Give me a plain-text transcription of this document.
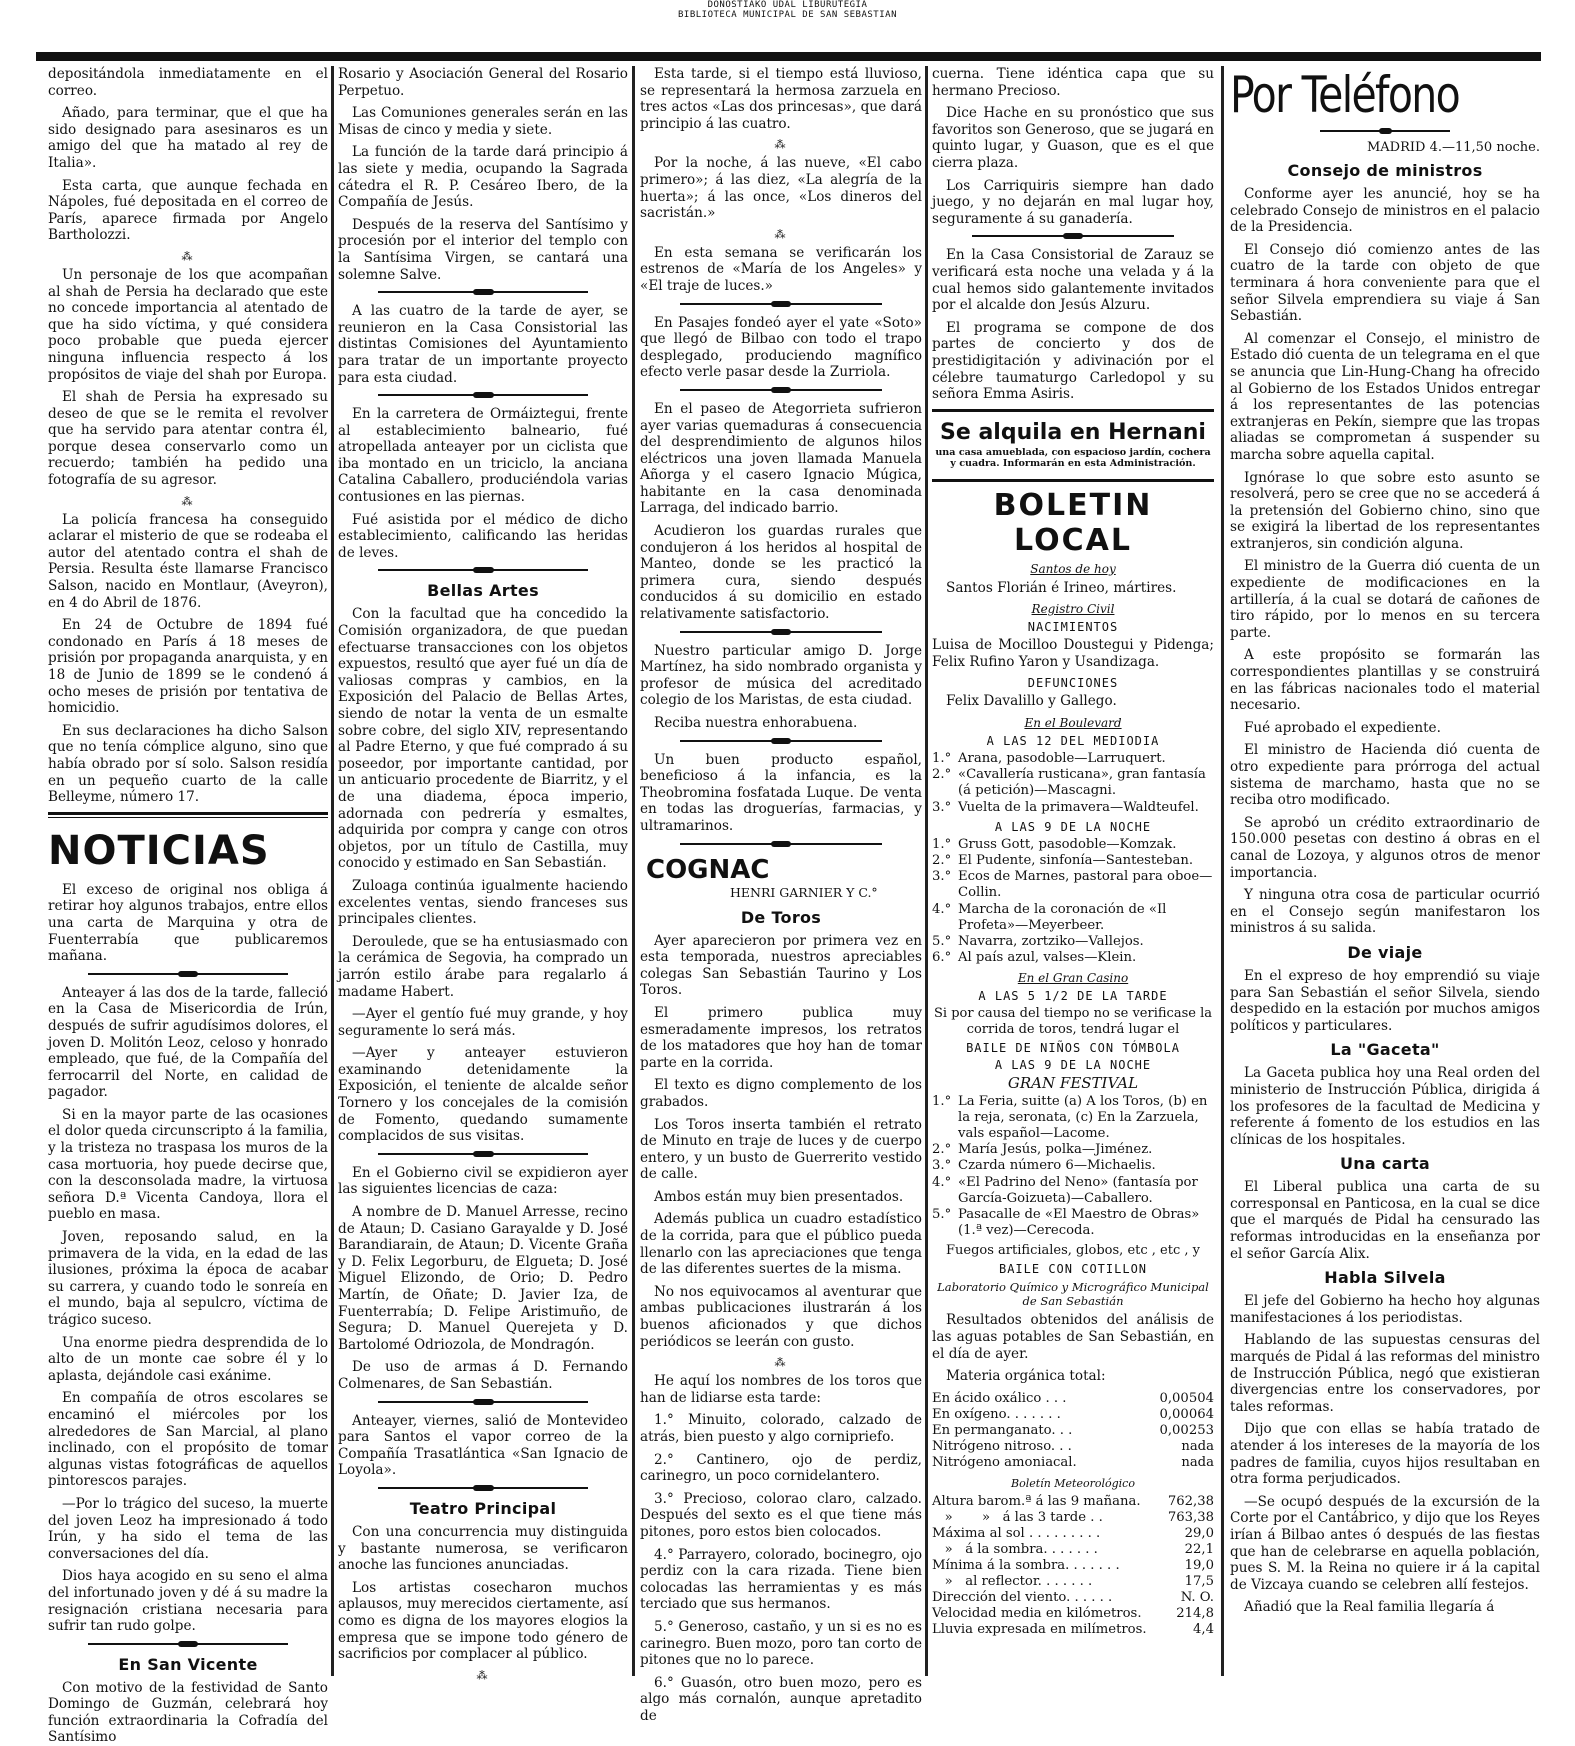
DONOSTIAKO UDAL LIBURUTEGIA
BIBLIOTECA MUNICIPAL DE SAN SEBASTIAN

depositándola inmediatamente en el correo.

Añado, para terminar, que el que ha sido designado para asesinaros es un amigo del que ha matado al rey de Italia».

Esta carta, que aunque fechada en Nápoles, fué depositada en el correo de París, aparece firmada por Angelo Bartholozzi.

⁂

Un personaje de los que acompañan al shah de Persia ha declarado que este no concede importancia al atentado de que ha sido víctima, y qué considera poco probable que pueda ejercer ninguna influencia respecto á los propósitos de viaje del shah por Europa.

El shah de Persia ha expresado su deseo de que se le remita el revolver que ha servido para atentar contra él, porque desea conservarlo como un recuerdo; también ha pedido una fotografía de su agresor.

⁂

La policía francesa ha conseguido aclarar el misterio de que se rodeaba el autor del atentado contra el shah de Persia. Resulta éste llamarse Francisco Salson, nacido en Montlaur, (Aveyron), en 4 do Abril de 1876.

En 24 de Octubre de 1894 fué condonado en París á 18 meses de prisión por propaganda anarquista, y en 18 de Junio de 1899 se le condenó á ocho meses de prisión por tentativa de homicidio.

En sus declaraciones ha dicho Salson que no tenía cómplice alguno, sino que había obrado por sí solo. Salson residía en un pequeño cuarto de la calle Belleyme, número 17.

NOTICIAS

El exceso de original nos obliga á retirar hoy algunos trabajos, entre ellos una carta de Marquina y otra de Fuenterrabía que publicaremos mañana.

Anteayer á las dos de la tarde, falleció en la Casa de Misericordia de Irún, después de sufrir agudísimos dolores, el joven D. Molitón Leoz, celoso y honrado empleado, que fué, de la Compañía del ferrocarril del Norte, en calidad de pagador.

Si en la mayor parte de las ocasiones el dolor queda circunscripto á la familia, y la tristeza no traspasa los muros de la casa mortuoria, hoy puede decirse que, con la desconsolada madre, la virtuosa señora D.ª Vicenta Candoya, llora el pueblo en masa.

Joven, reposando salud, en la primavera de la vida, en la edad de las ilusiones, próxima la época de acabar su carrera, y cuando todo le sonreía en el mundo, baja al sepulcro, víctima de trágico suceso.

Una enorme piedra desprendida de lo alto de un monte cae sobre él y lo aplasta, dejándole casi exánime.

En compañía de otros escolares se encaminó el miércoles por los alrededores de San Marcial, al plano inclinado, con el propósito de tomar algunas vistas fotográficas de aquellos pintorescos parajes.

—Por lo trágico del suceso, la muerte del joven Leoz ha impresionado á todo Irún, y ha sido el tema de las conversaciones del día.

Dios haya acogido en su seno el alma del infortunado joven y dé á su madre la resignación cristiana necesaria para sufrir tan rudo golpe.

En San Vicente

Con motivo de la festividad de Santo Domingo de Guzmán, celebrará hoy función extraordinaria la Cofradía del Santísimo

Rosario y Asociación General del Rosario Perpetuo.

Las Comuniones generales serán en las Misas de cinco y media y siete.

La función de la tarde dará principio á las siete y media, ocupando la Sagrada cátedra el R. P. Cesáreo Ibero, de la Compañía de Jesús.

Después de la reserva del Santísimo y procesión por el interior del templo con la Santísima Virgen, se cantará una solemne Salve.

A las cuatro de la tarde de ayer, se reunieron en la Casa Consistorial las distintas Comisiones del Ayuntamiento para tratar de un importante proyecto para esta ciudad.

En la carretera de Ormáiztegui, frente al establecimiento balneario, fué atropellada anteayer por un ciclista que iba montado en un triciclo, la anciana Catalina Caballero, produciéndola varias contusiones en las piernas.

Fué asistida por el médico de dicho establecimiento, calificando las heridas de leves.

Bellas Artes

Con la facultad que ha concedido la Comisión organizadora, de que puedan efectuarse transacciones con los objetos expuestos, resultó que ayer fué un día de valiosas compras y cambios, en la Exposición del Palacio de Bellas Artes, siendo de notar la venta de un esmalte sobre cobre, del siglo XIV, representando al Padre Eterno, y que fué comprado á su poseedor, por importante cantidad, por un anticuario procedente de Biarritz, y el de una diadema, época imperio, adornada con pedrería y esmaltes, adquirida por compra y cange con otros objetos, por un título de Castilla, muy conocido y estimado en San Sebastián.

Zuloaga continúa igualmente haciendo excelentes ventas, siendo franceses sus principales clientes.

Deroulede, que se ha entusiasmado con la cerámica de Segovia, ha comprado un jarrón estilo árabe para regalarlo á madame Habert.

—Ayer el gentío fué muy grande, y hoy seguramente lo será más.

—Ayer y anteayer estuvieron examinando detenidamente la Exposición, el teniente de alcalde señor Tornero y los concejales de la comisión de Fomento, quedando sumamente complacidos de sus visitas.

En el Gobierno civil se expidieron ayer las siguientes licencias de caza:

A nombre de D. Manuel Arresse, recino de Ataun; D. Casiano Garayalde y D. José Barandiarain, de Ataun; D. Vicente Graña y D. Felix Legorburu, de Elgueta; D. José Miguel Elizondo, de Orio; D. Pedro Martín, de Oñate; D. Javier Iza, de Fuenterrabía; D. Felipe Aristimuño, de Segura; D. Manuel Querejeta y D. Bartolomé Odriozola, de Mondragón.

De uso de armas á D. Fernando Colmenares, de San Sebastián.

Anteayer, viernes, salió de Montevideo para Santos el vapor correo de la Compañía Trasatlántica «San Ignacio de Loyola».

Teatro Principal

Con una concurrencia muy distinguida y bastante numerosa, se verificaron anoche las funciones anunciadas.

Los artistas cosecharon muchos aplausos, muy merecidos ciertamente, así como es digna de los mayores elogios la empresa que se impone todo género de sacrificios por complacer al público.

⁂

Esta tarde, si el tiempo está lluvioso, se representará la hermosa zarzuela en tres actos «Las dos princesas», que dará principio á las cuatro.

⁂

Por la noche, á las nueve, «El cabo primero»; á las diez, «La alegría de la huerta»; á las once, «Los dineros del sacristán.»

⁂

En esta semana se verificarán los estrenos de «María de los Angeles» y «El traje de luces.»

En Pasajes fondeó ayer el yate «Soto» que llegó de Bilbao con todo el trapo desplegado, produciendo magnífico efecto verle pasar desde la Zurriola.

En el paseo de Ategorrieta sufrieron ayer varias quemaduras á consecuencia del desprendimiento de algunos hilos eléctricos una joven llamada Manuela Añorga y el casero Ignacio Múgica, habitante en la casa denominada Larraga, del indicado barrio.

Acudieron los guardas rurales que condujeron á los heridos al hospital de Manteo, donde se les practicó la primera cura, siendo después conducidos á su domicilio en estado relativamente satisfactorio.

Nuestro particular amigo D. Jorge Martínez, ha sido nombrado organista y profesor de música del acreditado colegio de los Maristas, de esta ciudad.

Reciba nuestra enhorabuena.

Un buen producto español, beneficioso á la infancia, es la Theobromina fosfatada Luque. De venta en todas las droguerías, farmacias, y ultramarinos.

COGNAC
HENRI GARNIER Y C.°
De Toros

Ayer aparecieron por primera vez en esta temporada, nuestros apreciables colegas San Sebastián Taurino y Los Toros.

El primero publica muy esmeradamente impresos, los retratos de los matadores que hoy han de tomar parte en la corrida.

El texto es digno complemento de los grabados.

Los Toros inserta también el retrato de Minuto en traje de luces y de cuerpo entero, y un busto de Guerrerito vestido de calle.

Ambos están muy bien presentados.

Además publica un cuadro estadístico de la corrida, para que el público pueda llenarlo con las apreciaciones que tenga de las diferentes suertes de la misma.

No nos equivocamos al aventurar que ambas publicaciones ilustrarán á los buenos aficionados y que dichos periódicos se leerán con gusto.

⁂

He aquí los nombres de los toros que han de lidiarse esta tarde:

1.° Minuito, colorado, calzado de atrás, bien puesto y algo cornipriefo.

2.° Cantinero, ojo de perdiz, carinegro, un poco cornidelantero.

3.° Precioso, colorao claro, calzado. Después del sexto es el que tiene más pitones, poro estos bien colocados.

4.° Parrayero, colorado, bocinegro, ojo perdiz con la cara rizada. Tiene bien colocadas las herramientas y es más terciado que sus hermanos.

5.° Generoso, castaño, y un si es no es carinegro. Buen mozo, poro tan corto de pitones que no lo parece.

6.° Guasón, otro buen mozo, pero es algo más cornalón, aunque apretadito de

cuerna. Tiene idéntica capa que su hermano Precioso.

Dice Hache en su pronóstico que sus favoritos son Generoso, que se jugará en quinto lugar, y Guason, que es el que cierra plaza.

Los Carriquiris siempre han dado juego, y no dejarán en mal lugar hoy, seguramente á su ganadería.

En la Casa Consistorial de Zarauz se verificará esta noche una velada y á la cual hemos sido galantemente invitados por el alcalde don Jesús Alzuru.

El programa se compone de dos partes de concierto y dos de prestidigitación y adivinación por el célebre taumaturgo Carledopol y su señora Emma Asiris.

Se alquila en Hernani
una casa amueblada, con espacioso jardín, cochera y cuadra. Informarán en esta Administración.
BOLETIN LOCAL
Santos de hoy

Santos Florián é Irineo, mártires.

Registro Civil
NACIMIENTOS

Luisa de Mocilloo Doustegui y Pidenga; Felix Rufino Yaron y Usandizaga.

DEFUNCIONES

Felix Davalillo y Gallego.

En el Boulevard
A LAS 12 DEL MEDIODIA
1.° Arana, pasodoble—Larruquert.
2.° «Cavallería rusticana», gran fantasía (á petición)—Mascagni.
3.° Vuelta de la primavera—Waldteufel.
A LAS 9 DE LA NOCHE
1.° Gruss Gott, pasodoble—Komzak.
2.° El Pudente, sinfonía—Santesteban.
3.° Ecos de Marnes, pastoral para oboe—Collin.
4.° Marcha de la coronación de «Il Profeta»—Meyerbeer.
5.° Navarra, zortziko—Vallejos.
6.° Al país azul, valses—Klein.
En el Gran Casino
A LAS 5 1/2 DE LA TARDE
Si por causa del tiempo no se verificase la corrida de toros, tendrá lugar el
BAILE DE NIÑOS CON TÓMBOLA
A LAS 9 DE LA NOCHE
GRAN FESTIVAL
1.° La Feria, suitte (a) A los Toros, (b) en la reja, seronata, (c) En la Zarzuela, vals español—Lacome.
2.° María Jesús, polka—Jiménez.
3.° Czarda número 6—Michaelis.
4.° «El Padrino del Neno» (fantasía por García-Goizueta)—Caballero.
5.° Pasacalle de «El Maestro de Obras» (1.ª vez)—Cerecoda.
Fuegos artificiales, globos, etc , etc , y
BAILE CON COTILLON
Laboratorio Químico y Micrográfico Municipal de San Sebastián

Resultados obtenidos del análisis de las aguas potables de San Sebastián, en el día de ayer.

Materia orgánica total:

En ácido oxálico . . .	0,00504
En oxígeno. . . . . . .	0,00064
En permanganato. . .	0,00253
Nitrógeno nitroso. . .	nada
Nitrógeno amoniacal.	nada
Boletín Meteorológico
Altura barom.ª á las 9 mañana.	762,38
»       »   á las 3 tarde . .	763,38
Máxima al sol . . . . . . . . .	29,0
»   á la sombra. . . . . . .	22,1
Mínima á la sombra. . . . . . .	19,0
»   al reflector. . . . . . .	17,5
Dirección del viento. . . . . .	N. O.
Velocidad media en kilómetros.	214,8
Lluvia expresada en milímetros.	4,4
Por Teléfono
MADRID 4.—11,50 noche.
Consejo de ministros

Conforme ayer les anuncié, hoy se ha celebrado Consejo de ministros en el palacio de la Presidencia.

El Consejo dió comienzo antes de las cuatro de la tarde con objeto de que terminara á hora conveniente para que el señor Silvela emprendiera su viaje á San Sebastián.

Al comenzar el Consejo, el ministro de Estado dió cuenta de un telegrama en el que se anuncia que Lin-Hung-Chang ha ofrecido al Gobierno de los Estados Unidos entregar á los representantes de las potencias extranjeras en Pekín, siempre que las tropas aliadas se comprometan á suspender su marcha sobre aquella capital.

Ignórase lo que sobre esto asunto se resolverá, pero se cree que no se accederá á la pretensión del Gobierno chino, sino que se exigirá la libertad de los representantes extranjeros, sin condición alguna.

El ministro de la Guerra dió cuenta de un expediente de modificaciones en la artillería, á la cual se dotará de cañones de tiro rápido, por lo menos en su tercera parte.

A este propósito se formarán las correspondientes plantillas y se construirá en las fábricas nacionales todo el material necesario.

Fué aprobado el expediente.

El ministro de Hacienda dió cuenta de otro expediente para prórroga del actual sistema de marchamo, hasta que no se reciba otro modificado.

Se aprobó un crédito extraordinario de 150.000 pesetas con destino á obras en el canal de Lozoya, y algunos otros de menor importancia.

Y ninguna otra cosa de particular ocurrió en el Consejo según manifestaron los ministros á su salida.

De viaje

En el expreso de hoy emprendió su viaje para San Sebastián el señor Silvela, siendo despedido en la estación por muchos amigos políticos y particulares.

La "Gaceta"

La Gaceta publica hoy una Real orden del ministerio de Instrucción Pública, dirigida á los profesores de la facultad de Medicina y referente á fomento de los estudios en las clínicas de los hospitales.

Una carta

El Liberal publica una carta de su corresponsal en Panticosa, en la cual se dice que el marqués de Pidal ha censurado las reformas introducidas en la enseñanza por el señor García Alix.

Habla Silvela

El jefe del Gobierno ha hecho hoy algunas manifestaciones á los periodistas.

Hablando de las supuestas censuras del marqués de Pidal á las reformas del ministro de Instrucción Pública, negó que existieran divergencias entre los conservadores, por tales reformas.

Dijo que con ellas se había tratado de atender á los intereses de la mayoría de los padres de familia, cuyos hijos resultaban en otra forma perjudicados.

—Se ocupó después de la excursión de la Corte por el Cantábrico, y dijo que los Reyes irían á Bilbao antes ó después de las fiestas que han de celebrarse en aquella población, pues S. M. la Reina no quiere ir á la capital de Vizcaya cuando se celebren allí festejos.

Añadió que la Real familia llegaría á
